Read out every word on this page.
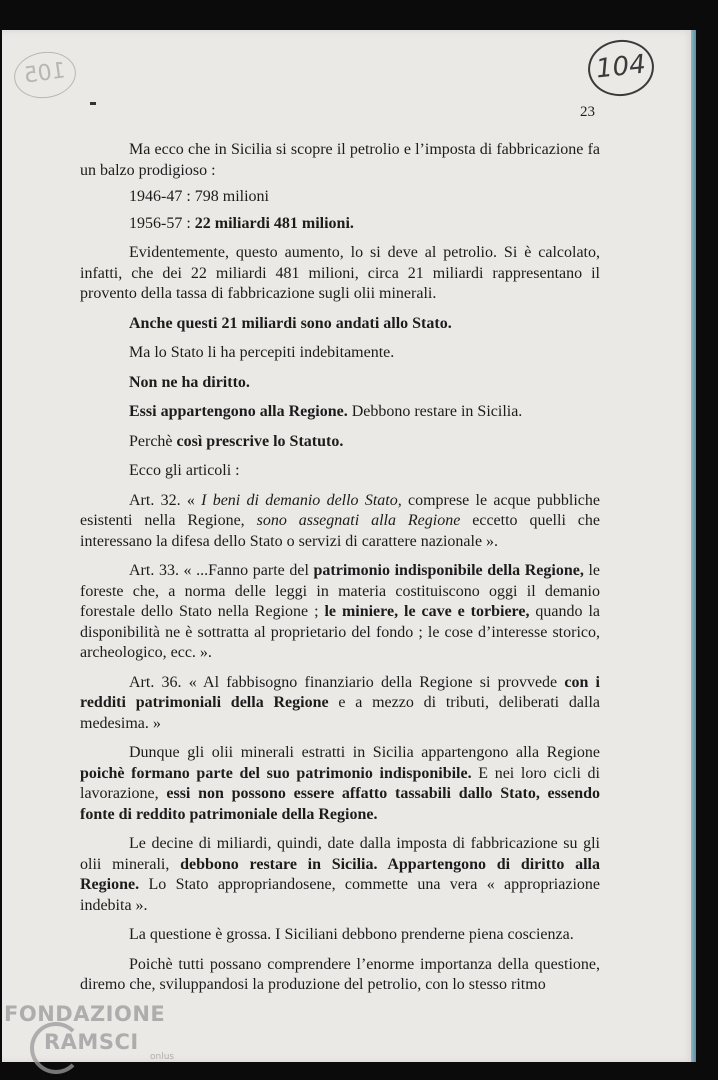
105	104
23

Ma ecco che in Sicilia si scopre il petrolio e l’imposta di fabbricazione fa un balzo prodigioso :

1946-47 : 798 milioni

1956-57 : 22 miliardi 481 milioni.

Evidentemente, questo aumento, lo si deve al petrolio. Si è calcolato, infatti, che dei 22 miliardi 481 milioni, circa 21 miliardi rappresentano il provento della tassa di fabbricazione sugli olii minerali.

Anche questi 21 miliardi sono andati allo Stato.

Ma lo Stato li ha percepiti indebitamente.

Non ne ha diritto.

Essi appartengono alla Regione. Debbono restare in Sicilia.

Perchè così prescrive lo Statuto.

Ecco gli articoli :

Art. 32. « I beni di demanio dello Stato, comprese le acque pubbliche esistenti nella Regione, sono assegnati alla Regione eccetto quelli che interessano la difesa dello Stato o servizi di carattere nazionale ».

Art. 33. « ...Fanno parte del patrimonio indisponibile della Regione, le foreste che, a norma delle leggi in materia costituiscono oggi il demanio forestale dello Stato nella Regione ; le miniere, le cave e torbiere, quando la disponibilità ne è sottratta al proprietario del fondo ; le cose d’interesse storico, archeologico, ecc. ».

Art. 36. « Al fabbisogno finanziario della Regione si provvede con i redditi patrimoniali della Regione e a mezzo di tributi, deliberati dalla medesima. »

Dunque gli olii minerali estratti in Sicilia appartengono alla Regione poichè formano parte del suo patrimonio indisponibile. E nei loro cicli di lavorazione, essi non possono essere affatto tassabili dallo Stato, essendo fonte di reddito patrimoniale della Regione.

Le decine di miliardi, quindi, date dalla imposta di fabbricazione su gli olii minerali, debbono restare in Sicilia. Appartengono di diritto alla Regione. Lo Stato appropriandosene, commette una vera « appropriazione indebita ».

La questione è grossa. I Siciliani debbono prenderne piena coscienza.

Poichè tutti possano comprendere l’enorme importanza della questione, diremo che, sviluppandosi la produzione del petrolio, con lo stesso ritmo

FONDAZIONE
RAMSCI
onlus
